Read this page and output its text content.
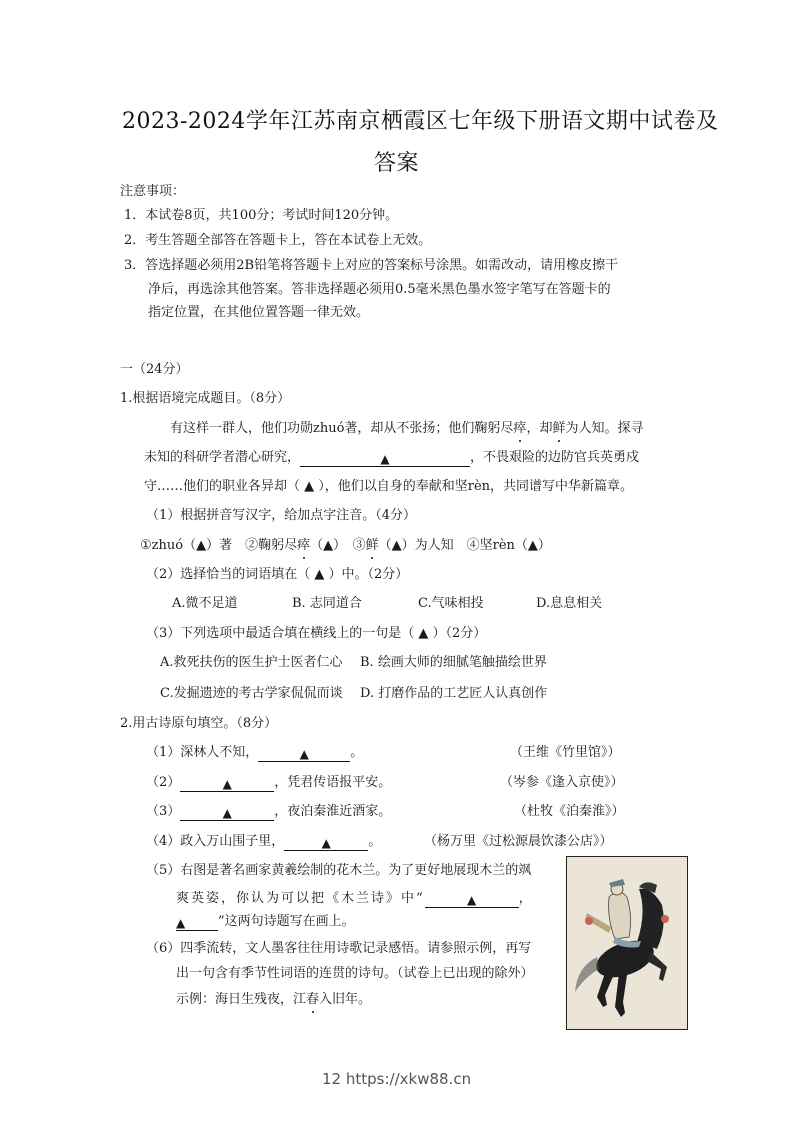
2023-2024学年江苏南京栖霞区七年级下册语文期中试卷及
答案
注意事项：
1．本试卷8页，共100分；考试时间120分钟。
2．考生答题全部答在答题卡上，答在本试卷上无效。
3．答选择题必须用2B铅笔将答题卡上对应的答案标号涂黑。如需改动，请用橡皮擦干
净后，再选涂其他答案。答非选择题必须用0.5毫米黑色墨水签字笔写在答题卡的
指定位置，在其他位置答题一律无效。
一（24分）
1.根据语境完成题目。（8分）
有这样一群人，他们功勋zhuó著，却从不张扬；他们鞠躬尽瘁，却鲜为人知。探寻
未知的科研学者潜心研究，	▲	，不畏艰险的边防官兵英勇戍
守……他们的职业各异却（ ▲ ），他们以自身的奉献和坚rèn，共同谱写中华新篇章。
（1）根据拼音写汉字，给加点字注音。（4分）
①zhuó（▲）著　②鞠躬尽瘁（▲）　③鲜（▲）为人知　④坚rèn（▲）
（2）选择恰当的词语填在（ ▲ ）中。（2分）
A.微不足道	B. 志同道合	C.气味相投	D.息息相关
（3）下列选项中最适合填在横线上的一句是（ ▲ ）（2分）
A.救死扶伤的医生护士医者仁心 B. 绘画大师的细腻笔触描绘世界
C.发掘遗迹的考古学家侃侃而谈 D. 打磨作品的工艺匠人认真创作
2.用古诗原句填空。（8分）
（1）深林人不知，	▲	。	（王维《竹里馆》）
（2）	▲	，凭君传语报平安。	（岑参《逢入京使》）
（3）	▲	，夜泊秦淮近酒家。	（杜牧《泊秦淮》）
（4）政入万山围子里，	▲	。	（杨万里《过松源晨饮漆公店》）
（5）右图是著名画家黄羲绘制的花木兰。为了更好地展现木兰的飒
爽英姿，你认为可以把《木兰诗》中“	▲	，
▲	”这两句诗题写在画上。
（6）四季流转，文人墨客往往用诗歌记录感悟。请参照示例，再写
出一句含有季节性词语的连贯的诗句。（试卷上已出现的除外）
示例：海日生残夜，江春入旧年。
12 https://xkw88.cn
